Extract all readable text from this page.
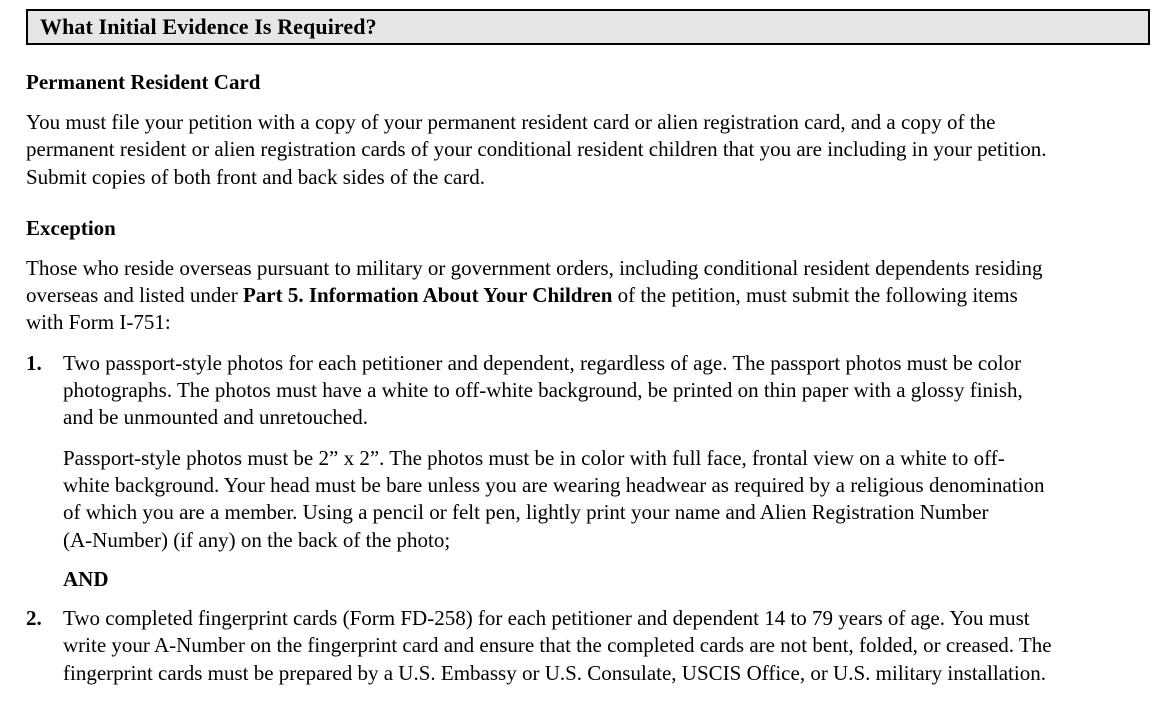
What Initial Evidence Is Required?
Permanent Resident Card
You must file your petition with a copy of your permanent resident card or alien registration card, and a copy of the
permanent resident or alien registration cards of your conditional resident children that you are including in your petition.
Submit copies of both front and back sides of the card.
Exception
Those who reside overseas pursuant to military or government orders, including conditional resident dependents residing
overseas and listed under Part 5. Information About Your Children of the petition, must submit the following items
with Form I-751:
1.	Two passport-style photos for each petitioner and dependent, regardless of age. The passport photos must be color
photographs. The photos must have a white to off-white background, be printed on thin paper with a glossy finish,
and be unmounted and unretouched.
Passport-style photos must be 2” x 2”. The photos must be in color with full face, frontal view on a white to off-
white background. Your head must be bare unless you are wearing headwear as required by a religious denomination
of which you are a member. Using a pencil or felt pen, lightly print your name and Alien Registration Number
(A-Number) (if any) on the back of the photo;
AND
2.	Two completed fingerprint cards (Form FD-258) for each petitioner and dependent 14 to 79 years of age. You must
write your A-Number on the fingerprint card and ensure that the completed cards are not bent, folded, or creased. The
fingerprint cards must be prepared by a U.S. Embassy or U.S. Consulate, USCIS Office, or U.S. military installation.
